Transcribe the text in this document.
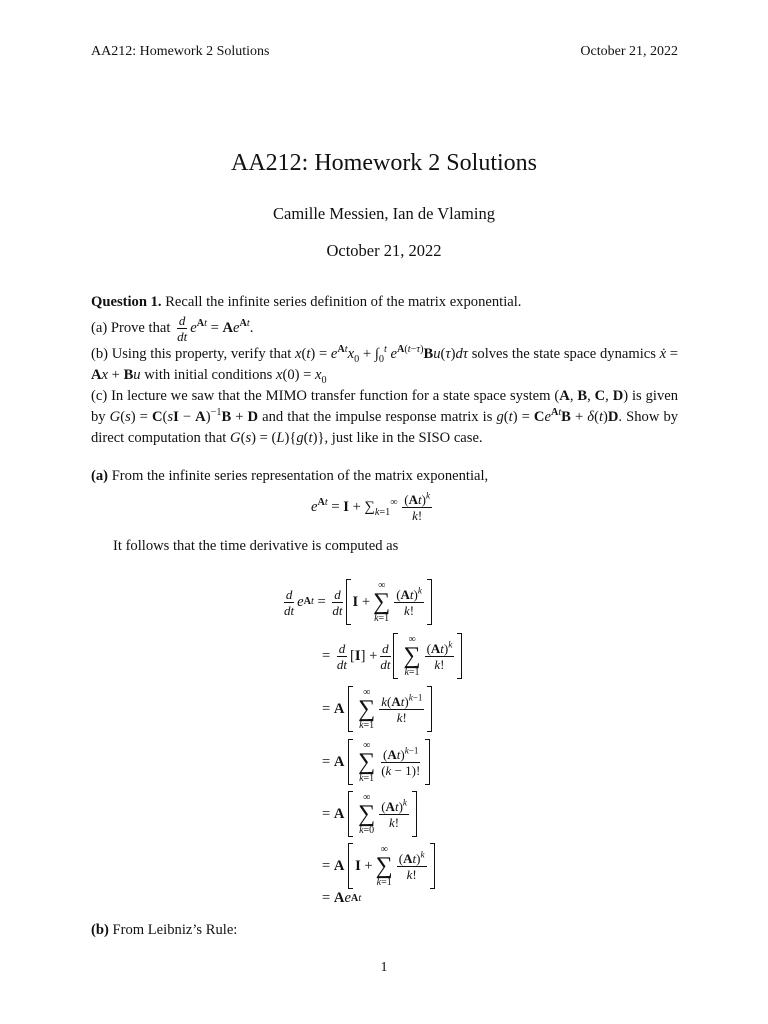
AA212: Homework 2 Solutions	October 21, 2022
AA212: Homework 2 Solutions
Camille Messien, Ian de Vlaming
October 21, 2022

Question 1. Recall the infinite series definition of the matrix exponential.

(a) Prove that $\frac{d}{dt} e^{At} = Ae^{At}$.

(b) Using this property, verify that $x(t) = e^{At}x_0 + \int_0^t$ $e^{A(t-\tau)}Bu(\tau)d\tau$ solves the state space dynamics ẋ = Ax + Bu with initial conditions $x(0) = x_0$

(c) In lecture we saw that the MIMO transfer function for a state space system (A, B, C, D) is given by G(s) = C(sI − A)$^{-1}$B + D and that the impulse response matrix is $g(t) = Ce^{At}B + \delta(t)D$. Show by direct computation that G(s) = (L){g(t)}, just like in the SISO case.

(a) From the infinite series representation of the matrix exponential,
$e^{At} = I + \sum_{k=1}^\infty \frac{(At)^k}{k!}$
It follows that the time derivative is computed as
$\frac{d}{dt}$ e $At = \frac{d}{dt}$ I +
∞
∑
k=1
$\frac{(At)^k}{k!}$
= $\frac{d}{dt}$ [ I ] + $\frac{d}{dt}$
∞
∑
k=1
$\frac{(At)^k}{k!}$
= A

∞
∑
k=1
$\frac{k(At)^{k-1}}{k!}$
= A

∞
∑
k=1
$\frac{(At)^{k-1}}{(k - 1)!}$
= A

∞
∑
k=0
$\frac{(At)^k}{k!}$
= A
I +
∞
∑
k=1
$\frac{(At)^k}{k!}$
= A e At
(b) From Leibniz’s Rule:
1
